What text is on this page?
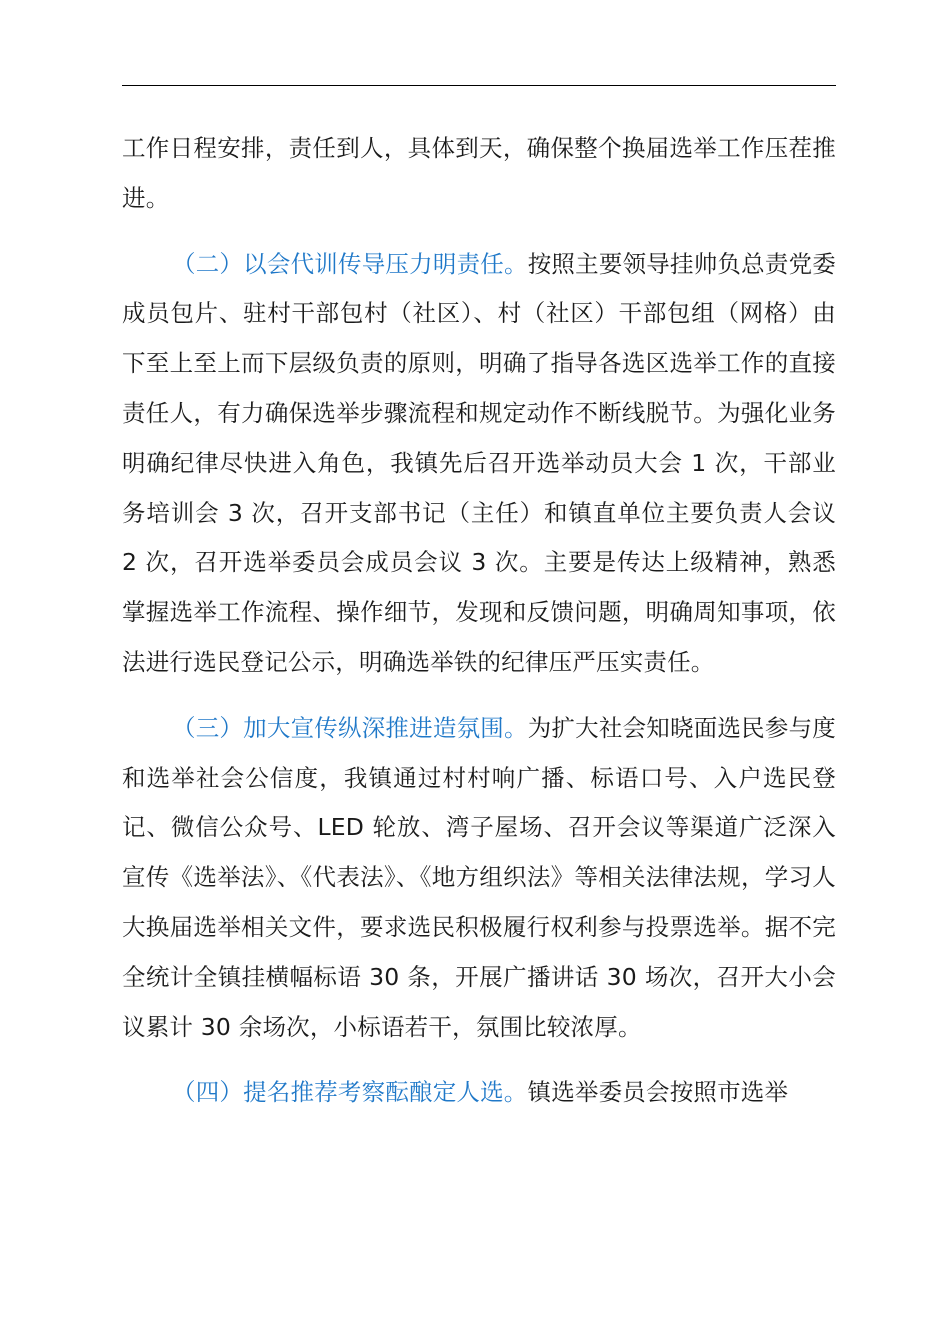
工作日程安排，责任到人，具体到天，确保整个换届选举工作压茬推进。

（二）以会代训传导压力明责任。按照主要领导挂帅负总责党委成员包片、驻村干部包村（社区）、村（社区）干部包组（网格）由下至上至上而下层级负责的原则，明确了指导各选区选举工作的直接责任人，有力确保选举步骤流程和规定动作不断线脱节。为强化业务明确纪律尽快进入角色，我镇先后召开选举动员大会 1 次，干部业务培训会 3 次，召开支部书记（主任）和镇直单位主要负责人会议 2 次，召开选举委员会成员会议 3 次。主要是传达上级精神，熟悉掌握选举工作流程、操作细节，发现和反馈问题，明确周知事项，依法进行选民登记公示，明确选举铁的纪律压严压实责任。

（三）加大宣传纵深推进造氛围。为扩大社会知晓面选民参与度和选举社会公信度，我镇通过村村响广播、标语口号、入户选民登记、微信公众号、LED 轮放、湾子屋场、召开会议等渠道广泛深入宣传《选举法》、《代表法》、《地方组织法》等相关法律法规，学习人大换届选举相关文件，要求选民积极履行权利参与投票选举。据不完全统计全镇挂横幅标语 30 条，开展广播讲话 30 场次，召开大小会议累计 30 余场次，小标语若干，氛围比较浓厚。

（四）提名推荐考察酝酿定人选。镇选举委员会按照市选举
